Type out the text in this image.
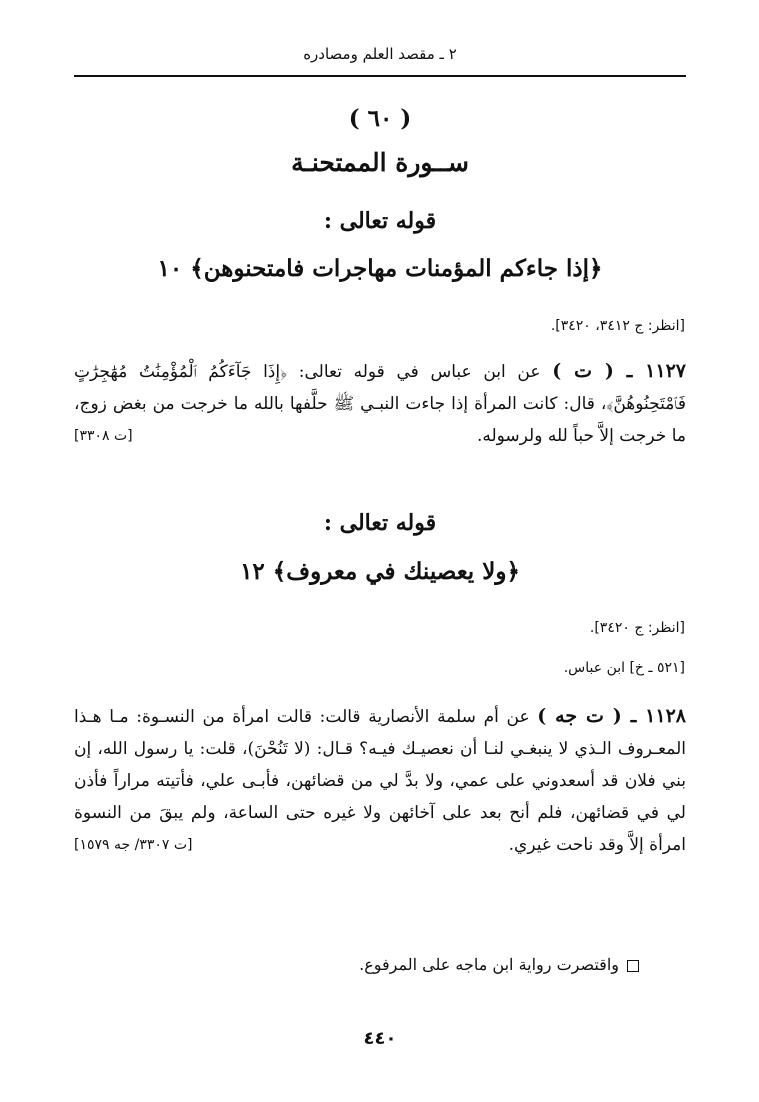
٢ ـ مقصد العلم ومصادره
( ٦٠ )
ســورة الممتحنـة
قوله تعالى :
﴿إذا جاءكم المؤمنات مهاجرات فامتحنوهن﴾ ١٠
[انظر: ج ٣٤١٢، ٣٤٢٠].
١١٢٧ ـ ( ت ) عن ابن عباس في قوله تعالى: ﴿إِذَا جَآءَكُمُ ٱلْمُؤْمِنَٰتُ مُهَٰجِرَٰتٍ فَٱمْتَحِنُوهُنَّ﴾، قال: كانت المرأة إذا جاءت النبـي ﷺ حلَّفها بالله ما خرجت من بغض زوج، ما خرجت إلاَّ حباً لله ولرسوله.
[ت ٣٣٠٨]
قوله تعالى :
﴿ولا يعصينك في معروف﴾ ١٢
[انظر: ج ٣٤٢٠].
[٥٢١ ـ خ] ابن عباس.
١١٢٨ ـ ( ت جه ) عن أم سلمة الأنصارية قالت: قالت امرأة من النسـوة: مـا هـذا المعـروف الـذي لا ينبغـي لنـا أن نعصيـك فيـه؟ قـال: (لا تَنُحْنَ)، قلت: يا رسول الله، إن بني فلان قد أسعدوني على عمي، ولا بدَّ لي من قضائهن، فأبـى علي، فأتيته مراراً فأذن لي في قضائهن، فلم أنح بعد على آخائهن ولا غيره حتى الساعة، ولم يبقَ من النسوة امرأة إلاَّ وقد ناحت غيري.
[ت ٣٣٠٧/ جه ١٥٧٩]
واقتصرت رواية ابن ماجه على المرفوع.
٤٤٠
